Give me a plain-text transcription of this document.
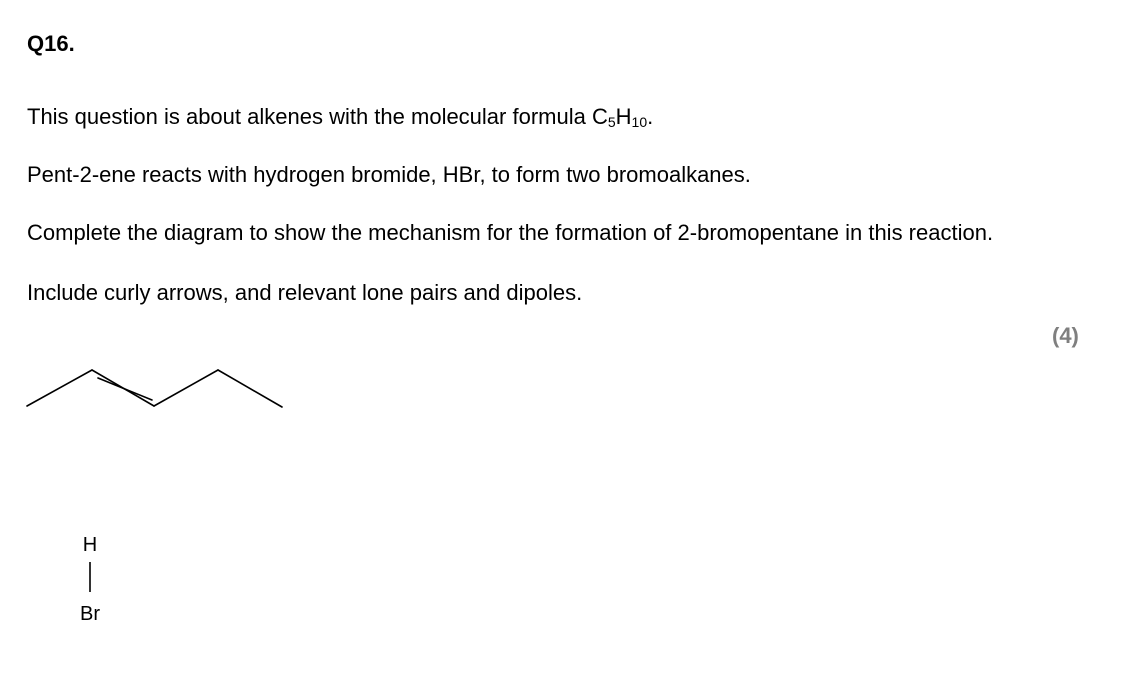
Q16.
This question is about alkenes with the molecular formula $C_5H_{10}$.
Pent-2-ene reacts with hydrogen bromide, HBr, to form two bromoalkanes.
Complete the diagram to show the mechanism for the formation of 2-bromopentane in this reaction.
Include curly arrows, and relevant lone pairs and dipoles.
(4)
H
Br
